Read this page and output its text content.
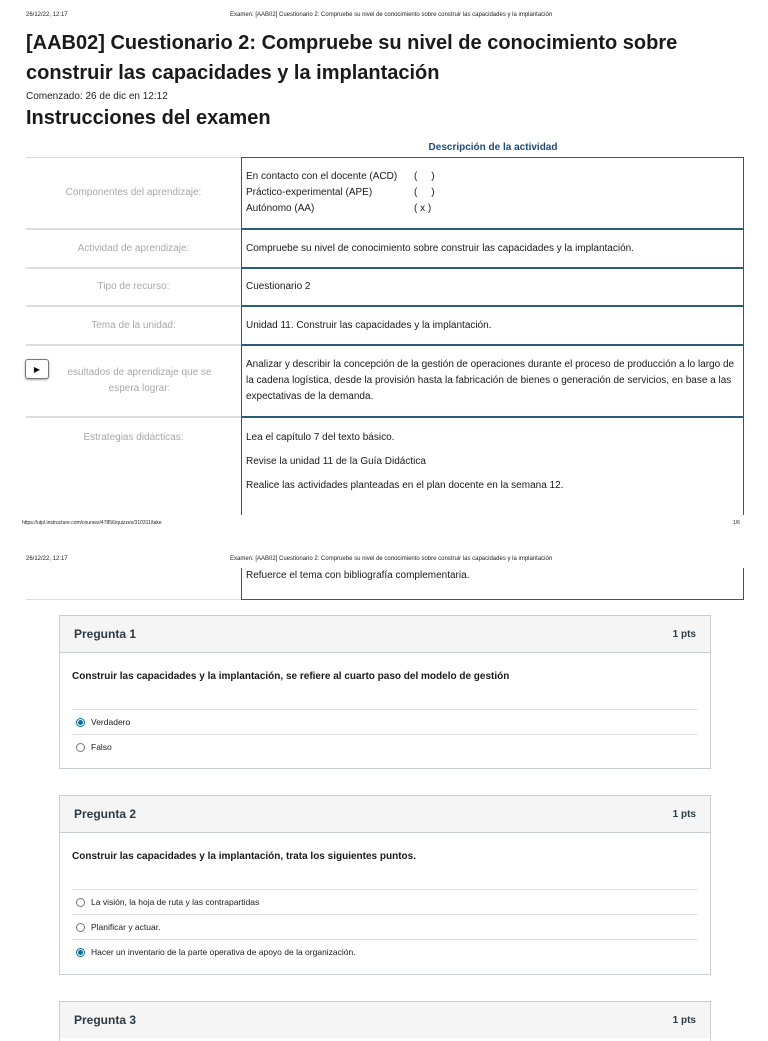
26/12/22, 12:17	Examen: [AAB02] Cuestionario 2: Compruebe su nivel de conocimiento sobre construir las capacidades y la implantación
[AAB02] Cuestionario 2: Compruebe su nivel de conocimiento sobre construir las capacidades y la implantación
Comenzado: 26 de dic en 12:12
Instrucciones del examen
Descripción de la actividad
Componentes del aprendizaje:
En contacto con el docente (ACD)	(     )
Práctico-experimental (APE)	(     )
Autónomo (AA)	( x )
Actividad de aprendizaje:	Compruebe su nivel de conocimiento sobre construir las capacidades y la implantación.
Tipo de recurso:	Cuestionario 2
Tema de la unidad:	Unidad 11. Construir las capacidades y la implantación.
esultados de aprendizaje que se espera lograr:
Analizar y describir la concepción de la gestión de operaciones durante el proceso de producción a lo largo de la cadena logística, desde la provisión hasta la fabricación de bienes o generación de servicios, en base a las expectativas de la demanda.
▶
Estrategias didácticas:	Lea el capítulo 7 del texto básico.

Revise la unidad 11 de la Guía Didáctica

Realice las actividades planteadas en el plan docente en la semana 12.

https://utpl.instructure.com/courses/47856/quizzes/310311/take	1/6
26/12/22, 12:17	Examen: [AAB02] Cuestionario 2: Compruebe su nivel de conocimiento sobre construir las capacidades y la implantación
Refuerce el tema con bibliografía complementaria.
Pregunta 1	1 pts
Construir las capacidades y la implantación, se refiere al cuarto paso del modelo de gestión
Verdadero
Falso
Pregunta 2	1 pts
Construir las capacidades y la implantación, trata los siguientes puntos.
La visión, la hoja de ruta y las contrapartidas
Planificar y actuar.
Hacer un inventario de la parte operativa de apoyo de la organización.
Pregunta 3	1 pts
